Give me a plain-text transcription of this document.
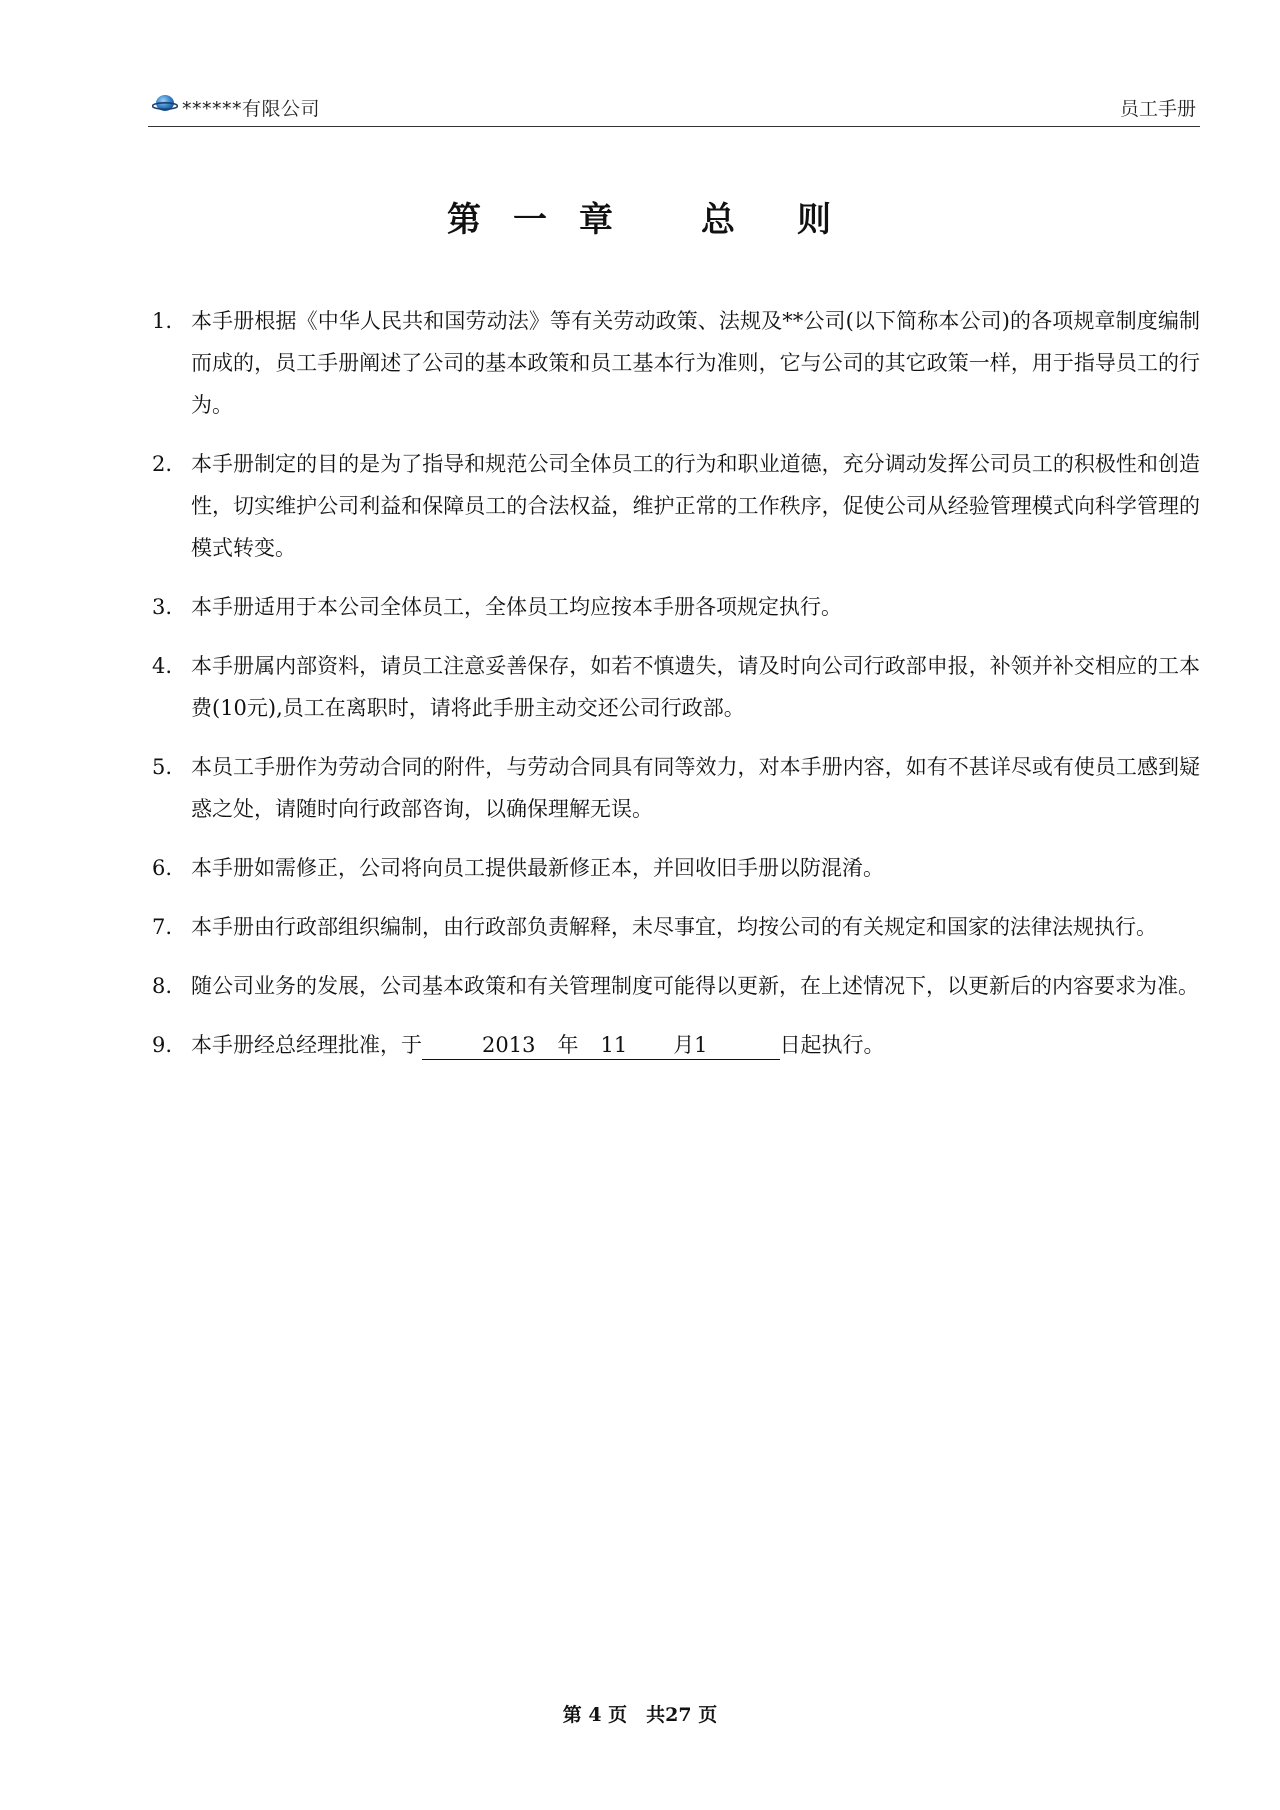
******有限公司	员工手册
第 一 章	总 则
1. 本手册根据《中华人民共和国劳动法》等有关劳动政策、法规及**公司(以下简称本公司)的各项规章制度编制而成的，员工手册阐述了公司的基本政策和员工基本行为准则，它与公司的其它政策一样，用于指导员工的行为。
2. 本手册制定的目的是为了指导和规范公司全体员工的行为和职业道德，充分调动发挥公司员工的积极性和创造性，切实维护公司利益和保障员工的合法权益，维护正常的工作秩序，促使公司从经验管理模式向科学管理的模式转变。
3. 本手册适用于本公司全体员工，全体员工均应按本手册各项规定执行。
4. 本手册属内部资料，请员工注意妥善保存，如若不慎遗失，请及时向公司行政部申报，补领并补交相应的工本费(10元),员工在离职时，请将此手册主动交还公司行政部。
5. 本员工手册作为劳动合同的附件，与劳动合同具有同等效力，对本手册内容，如有不甚详尽或有使员工感到疑惑之处，请随时向行政部咨询，以确保理解无误。
6. 本手册如需修正，公司将向员工提供最新修正本，并回收旧手册以防混淆。
7. 本手册由行政部组织编制，由行政部负责解释，未尽事宜，均按公司的有关规定和国家的法律法规执行。
8. 随公司业务的发展，公司基本政策和有关管理制度可能得以更新，在上述情况下，以更新后的内容要求为准。
9. 本手册经总经理批准，于	2013 年 11 月1	日起执行。
第 4 页　共27 页
